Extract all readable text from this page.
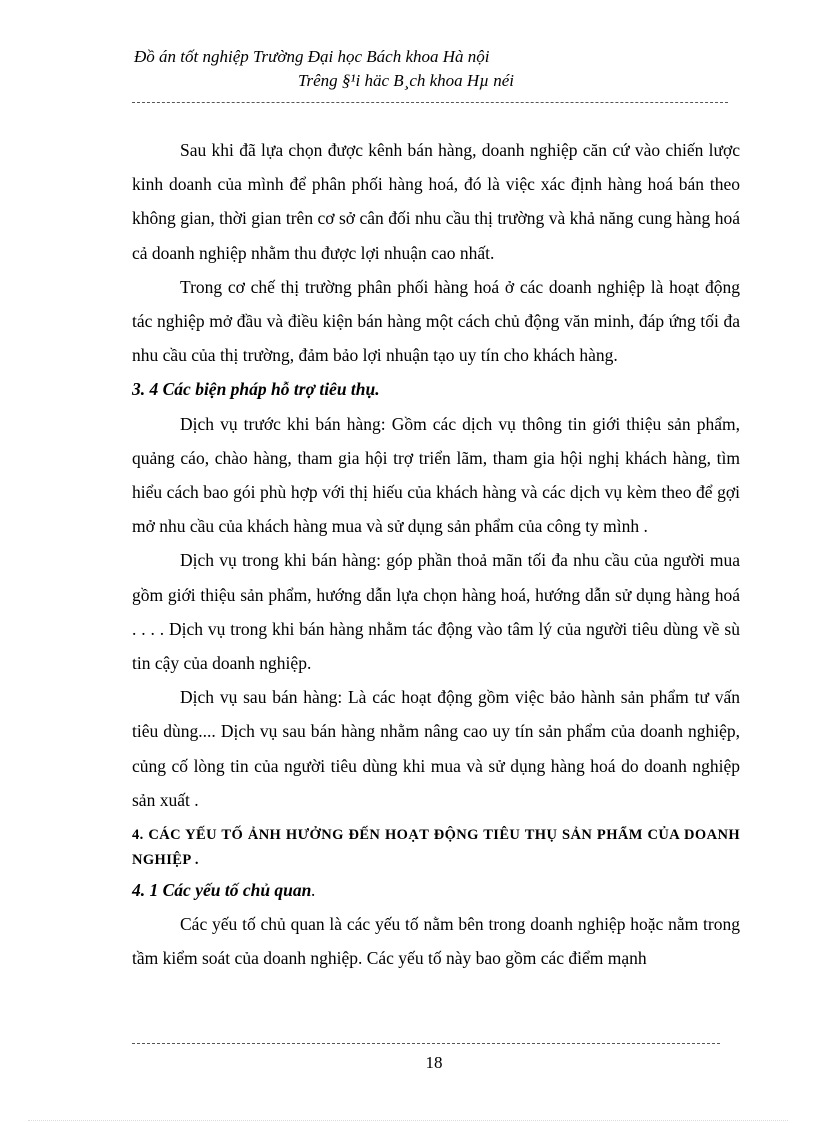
Đồ án tốt nghiệp Trường Đại học Bách khoa Hà nội
Trêng §¹i häc B¸ch khoa Hµ néi

Sau khi đã lựa chọn được kênh bán hàng, doanh nghiệp căn cứ vào chiến lược kinh doanh của mình để phân phối hàng hoá, đó là việc xác định hàng hoá bán theo không gian, thời gian trên cơ sở cân đối nhu cầu thị trường và khả năng cung hàng hoá cả doanh nghiệp nhằm thu được lợi nhuận cao nhất.

Trong cơ chế thị trường phân phối hàng hoá ở các doanh nghiệp là hoạt động tác nghiệp mở đầu và điều kiện bán hàng một cách chủ động văn minh, đáp ứng tối đa nhu cầu của thị trường, đảm bảo lợi nhuận tạo uy tín cho khách hàng.

3. 4 Các biện pháp hỗ trợ tiêu thụ.

Dịch vụ trước khi bán hàng: Gồm các dịch vụ thông tin giới thiệu sản phẩm, quảng cáo, chào hàng, tham gia hội trợ triển lãm, tham gia hội nghị khách hàng, tìm hiểu cách bao gói phù hợp với thị hiếu của khách hàng và các dịch vụ kèm theo để gợi mở nhu cầu của khách hàng mua và sử dụng sản phẩm của công ty mình .

Dịch vụ trong khi bán hàng: góp phần thoả mãn tối đa nhu cầu của người mua gồm giới thiệu sản phẩm, hướng dẫn lựa chọn hàng hoá, hướng dẫn sử dụng hàng hoá . . . . Dịch vụ trong khi bán hàng nhằm tác động vào tâm lý của người tiêu dùng về sù tin cậy của doanh nghiệp.

Dịch vụ sau bán hàng: Là các hoạt động gồm việc bảo hành sản phẩm tư vấn tiêu dùng.... Dịch vụ sau bán hàng nhằm nâng cao uy tín sản phẩm của doanh nghiệp, củng cố lòng tin của người tiêu dùng khi mua và sử dụng hàng hoá do doanh nghiệp sản xuất .

4. CÁC YẾU TỐ ẢNH HƯỞNG ĐẾN HOẠT ĐỘNG TIÊU THỤ SẢN PHẨM CỦA DOANH NGHIỆP .
4. 1 Các yếu tố chủ quan.

Các yếu tố chủ quan là các yếu tố nằm bên trong doanh nghiệp hoặc nằm trong tầm kiểm soát của doanh nghiệp. Các yếu tố này bao gồm các điểm mạnh

18
